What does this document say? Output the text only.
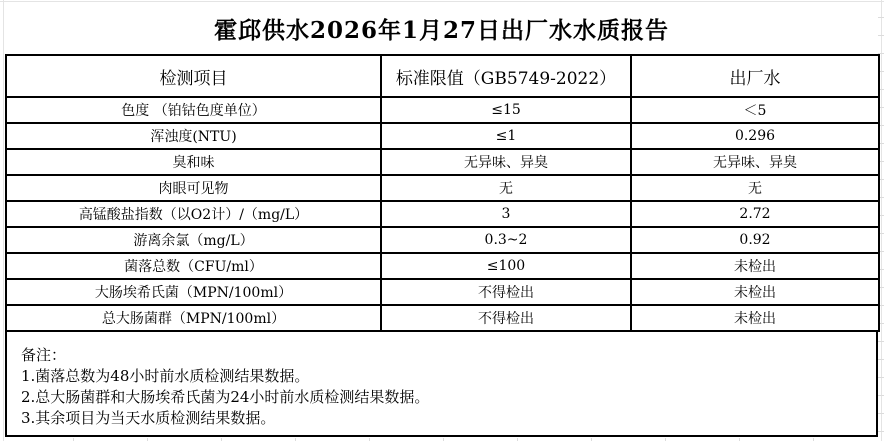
霍邱供水2026年1月27日出厂水水质报告
检测项目	标准限值（GB5749-2022）	出厂水
色度 （铂钴色度单位）	≤15	＜5
浑浊度(NTU)	≤1	0.296
臭和味	无异味、异臭	无异味、异臭
肉眼可见物	无	无
高锰酸盐指数（以O2计）/（mg/L）	3	2.72
游离余氯（mg/L）	0.3~2	0.92
菌落总数（CFU/ml）	≤100	未检出
大肠埃希氏菌（MPN/100ml）	不得检出	未检出
总大肠菌群（MPN/100ml）	不得检出	未检出
备注：
1.菌落总数为48小时前水质检测结果数据。
2.总大肠菌群和大肠埃希氏菌为24小时前水质检测结果数据。
3.其余项目为当天水质检测结果数据。
